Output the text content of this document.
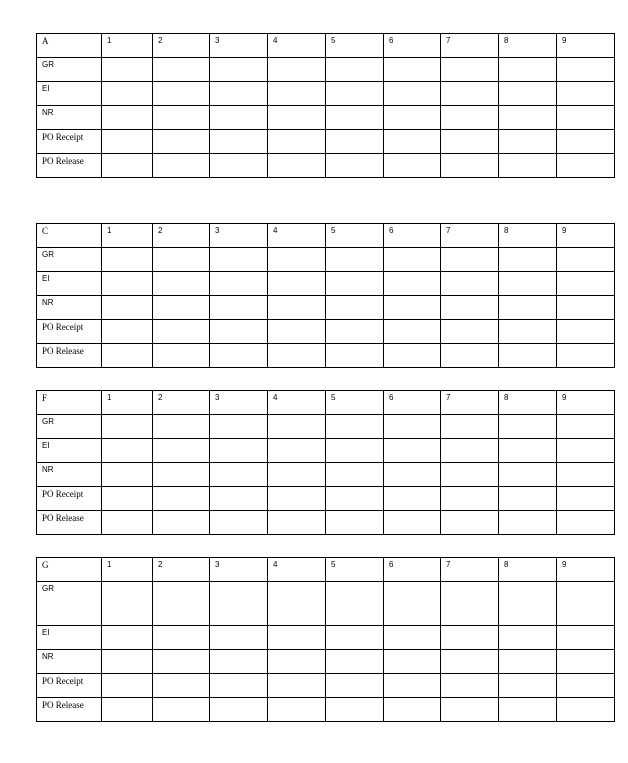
A	1	2	3	4	5	6	7	8	9
GR									
EI									
NR									
PO Receipt									
PO Release									
C	1	2	3	4	5	6	7	8	9
GR									
EI									
NR									
PO Receipt									
PO Release									
F	1	2	3	4	5	6	7	8	9
GR									
EI									
NR									
PO Receipt									
PO Release									
G	1	2	3	4	5	6	7	8	9
GR									
EI									
NR									
PO Receipt									
PO Release									
